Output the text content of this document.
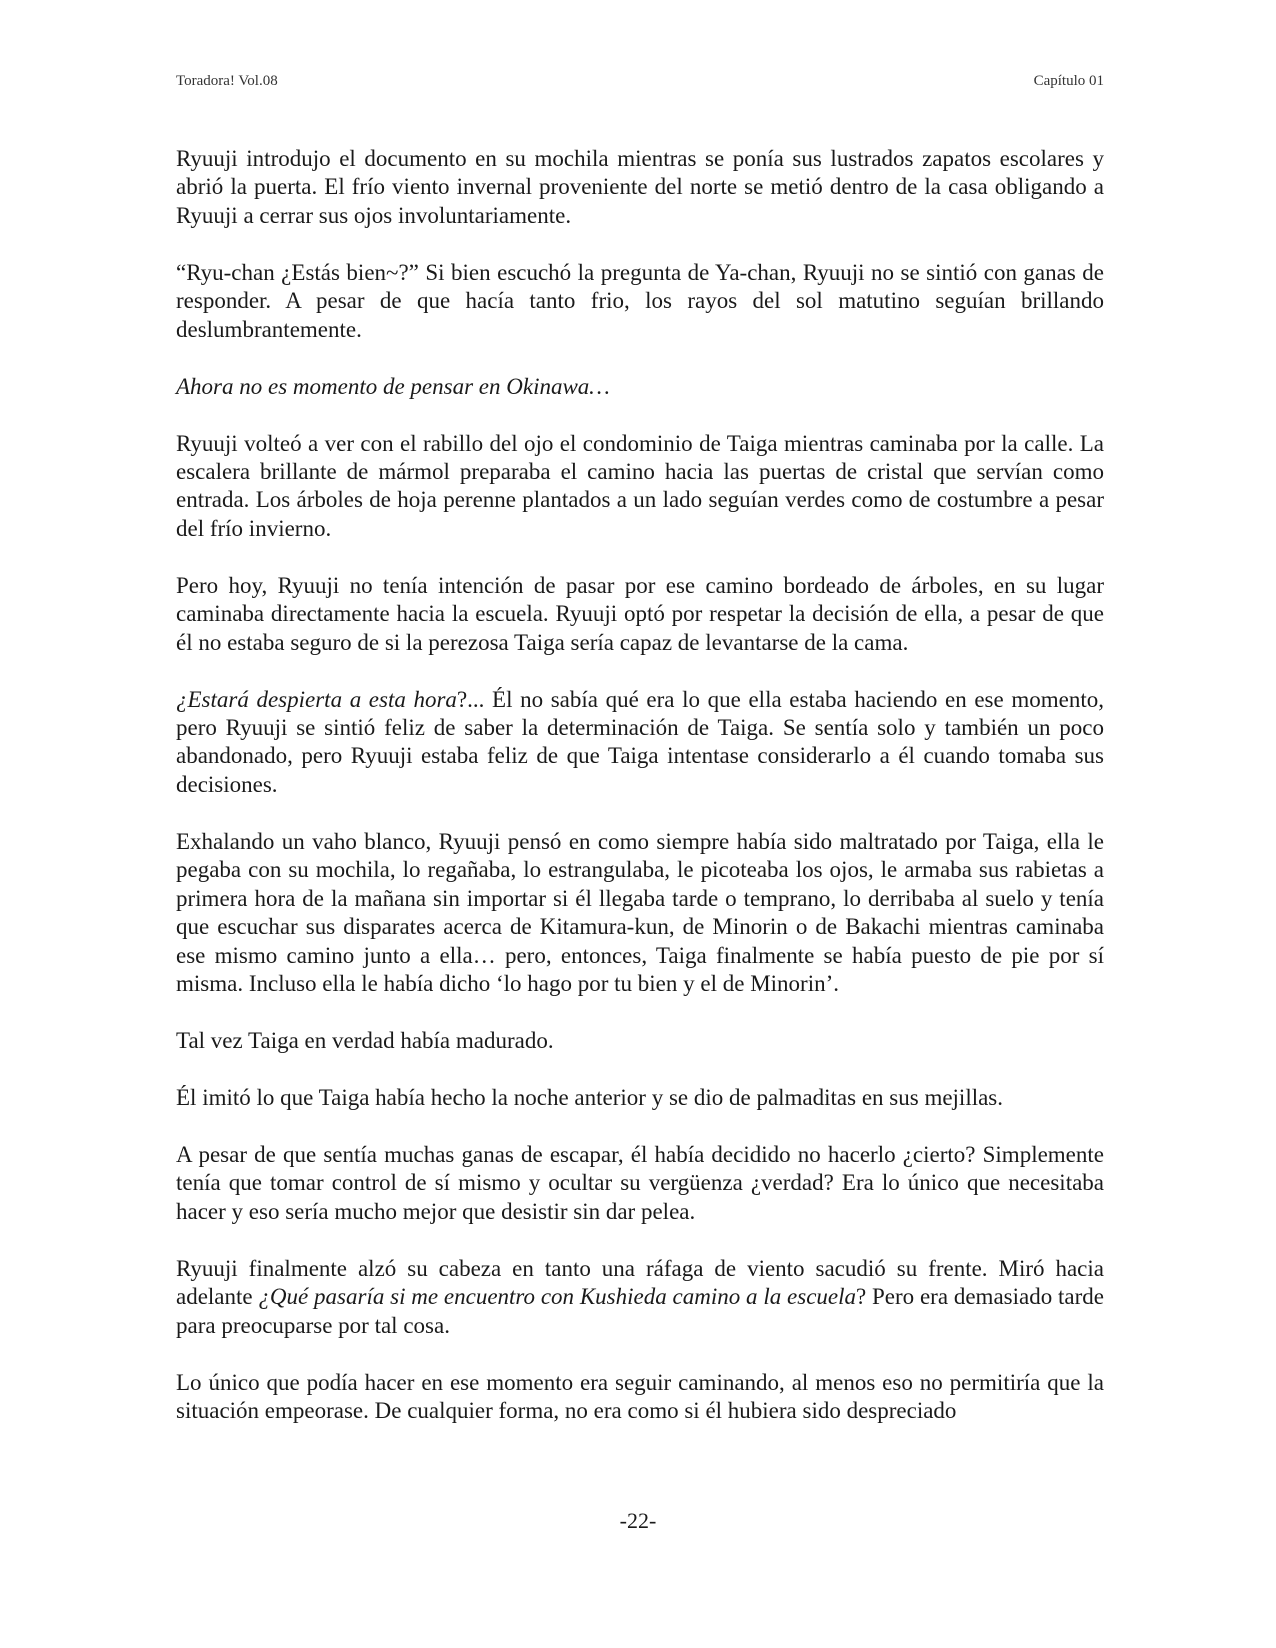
Toradora! Vol.08	Capítulo 01

Ryuuji introdujo el documento en su mochila mientras se ponía sus lustrados zapatos escolares y abrió la puerta. El frío viento invernal proveniente del norte se metió dentro de la casa obligando a Ryuuji a cerrar sus ojos involuntariamente.

“Ryu-chan ¿Estás bien~?” Si bien escuchó la pregunta de Ya-chan, Ryuuji no se sintió con ganas de responder. A pesar de que hacía tanto frio, los rayos del sol matutino seguían brillando deslumbrantemente.

Ahora no es momento de pensar en Okinawa…

Ryuuji volteó a ver con el rabillo del ojo el condominio de Taiga mientras caminaba por la calle. La escalera brillante de mármol preparaba el camino hacia las puertas de cristal que servían como entrada. Los árboles de hoja perenne plantados a un lado seguían verdes como de costumbre a pesar del frío invierno.

Pero hoy, Ryuuji no tenía intención de pasar por ese camino bordeado de árboles, en su lugar caminaba directamente hacia la escuela. Ryuuji optó por respetar la decisión de ella, a pesar de que él no estaba seguro de si la perezosa Taiga sería capaz de levantarse de la cama.

¿Estará despierta a esta hora?... Él no sabía qué era lo que ella estaba haciendo en ese momento, pero Ryuuji se sintió feliz de saber la determinación de Taiga. Se sentía solo y también un poco abandonado, pero Ryuuji estaba feliz de que Taiga intentase considerarlo a él cuando tomaba sus decisiones.

Exhalando un vaho blanco, Ryuuji pensó en como siempre había sido maltratado por Taiga, ella le pegaba con su mochila, lo regañaba, lo estrangulaba, le picoteaba los ojos, le armaba sus rabietas a primera hora de la mañana sin importar si él llegaba tarde o temprano, lo derribaba al suelo y tenía que escuchar sus disparates acerca de Kitamura-kun, de Minorin o de Bakachi mientras caminaba ese mismo camino junto a ella… pero, entonces, Taiga finalmente se había puesto de pie por sí misma. Incluso ella le había dicho ‘lo hago por tu bien y el de Minorin’.

Tal vez Taiga en verdad había madurado.

Él imitó lo que Taiga había hecho la noche anterior y se dio de palmaditas en sus mejillas.

A pesar de que sentía muchas ganas de escapar, él había decidido no hacerlo ¿cierto? Simplemente tenía que tomar control de sí mismo y ocultar su vergüenza ¿verdad? Era lo único que necesitaba hacer y eso sería mucho mejor que desistir sin dar pelea.

Ryuuji finalmente alzó su cabeza en tanto una ráfaga de viento sacudió su frente. Miró hacia adelante ¿Qué pasaría si me encuentro con Kushieda camino a la escuela? Pero era demasiado tarde para preocuparse por tal cosa.

Lo único que podía hacer en ese momento era seguir caminando, al menos eso no permitiría que la situación empeorase. De cualquier forma, no era como si él hubiera sido despreciado

-22-
